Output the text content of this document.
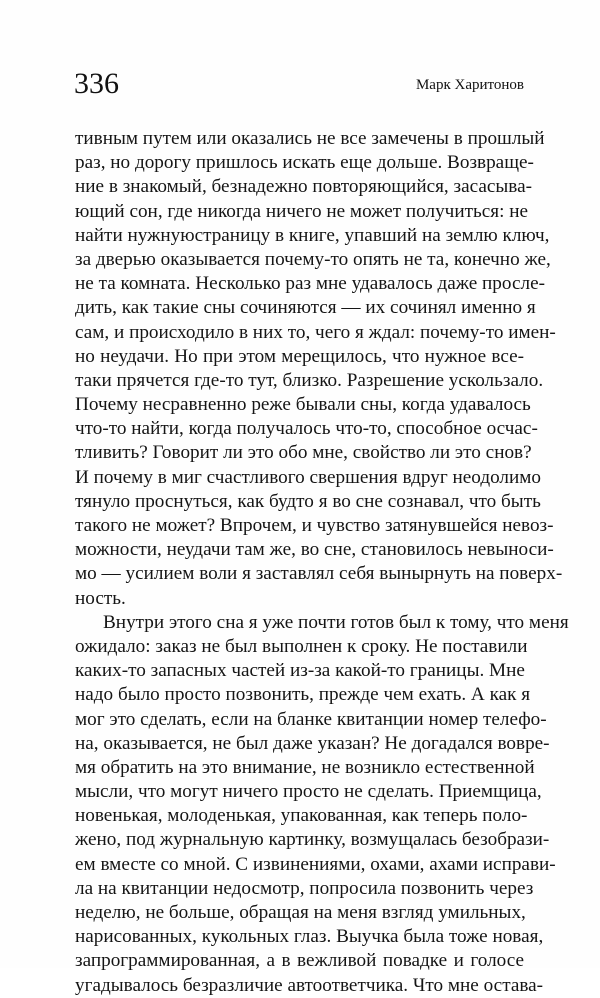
336	Марк Харитонов
тивным путем или оказались не все замечены в прошлый
раз, но дорогу пришлось искать еще дольше. Возвраще-
ние в знакомый, безнадежно повторяющийся, засасыва-
ющий сон, где никогда ничего не может получиться: не
найти нужнуюстраницу в книге, упавший на землю ключ,
за дверью оказывается почему-то опять не та, конечно же,
не та комната. Несколько раз мне удавалось даже просле-
дить, как такие сны сочиняются — их сочинял именно я
сам, и происходило в них то, чего я ждал: почему-то имен-
но неудачи. Но при этом мерещилось, что нужное все-
таки прячется где-то тут, близко. Разрешение ускользало.
Почему несравненно реже бывали сны, когда удавалось
что-то найти, когда получалось что-то, способное осчас-
тливить? Говорит ли это обо мне, свойство ли это снов?
И почему в миг счастливого свершения вдруг неодолимо
тянуло проснуться, как будто я во сне сознавал, что быть
такого не может? Впрочем, и чувство затянувшейся невоз-
можности, неудачи там же, во сне, становилось невыноси-
мо — усилием воли я заставлял себя вынырнуть на поверх-
ность.
Внутри этого сна я уже почти готов был к тому, что меня
ожидало: заказ не был выполнен к сроку. Не поставили
каких-то запасных частей из-за какой-то границы. Мне
надо было просто позвонить, прежде чем ехать. А как я
мог это сделать, если на бланке квитанции номер телефо-
на, оказывается, не был даже указан? Не догадался вовре-
мя обратить на это внимание, не возникло естественной
мысли, что могут ничего просто не сделать. Приемщица,
новенькая, молоденькая, упакованная, как теперь поло-
жено, под журнальную картинку, возмущалась безобрази-
ем вместе со мной. С извинениями, охами, ахами исправи-
ла на квитанции недосмотр, попросила позвонить через
неделю, не больше, обращая на меня взгляд умильных,
нарисованных, кукольных глаз. Выучка была тоже новая,
запрограммированная, а в вежливой повадке и голосе
угадывалось безразличие автоответчика. Что мне остава-
